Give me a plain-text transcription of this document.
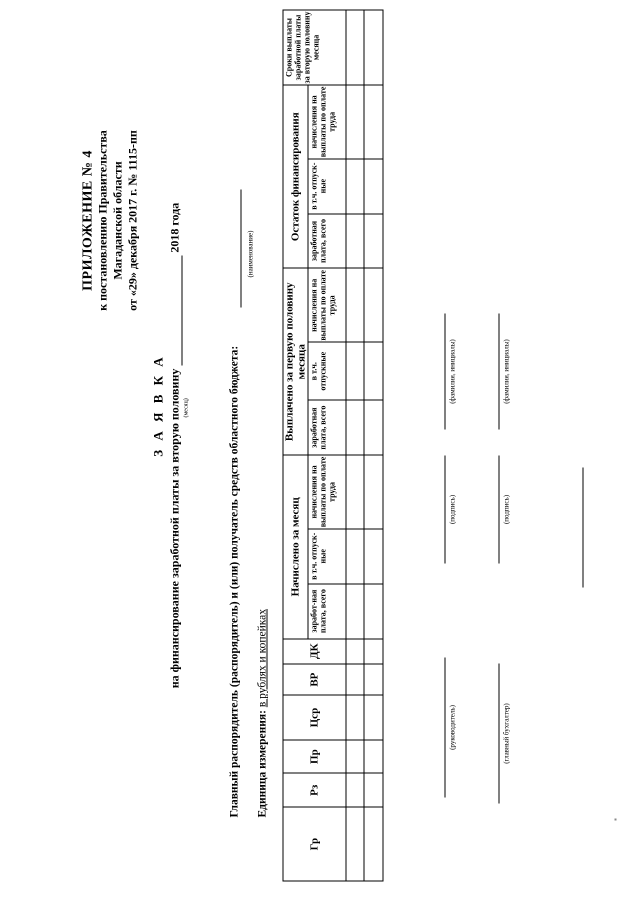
ПРИЛОЖЕНИЕ № 4 к постановлению Правительства Магаданской области от «29» декабря 2017 г. № 1115-пп
З А Я В К А на финансирование заработной платы за вторую половину  2018 года
(месяц)	Главный распорядитель (распорядитель) и (или) получатель средств областного бюджета:
(наименование)
Единица измерения: в рублях и копейках
Гр	Рз	Пр	Цср	ВР	ДК	Начислено за месяц			Выплачено за первую половину месяца			Остаток финансирования			Сроки выплаты заработной платы за вторую половину месяца
						заработ-ная плата, всего	в т.ч. отпуск-ные	начисления на выплаты по оплате труда	заработная плата, всего	в т.ч. отпускные	начисления на выплаты по оплате труда	заработная плата, всего	в т.ч. отпуск-ные	начисления на выплаты по оплате труда	

(руководитель)
(подпись)
(фамилия, инициалы)
(главный бухгалтер)
(подпись)
(фамилия, инициалы)
